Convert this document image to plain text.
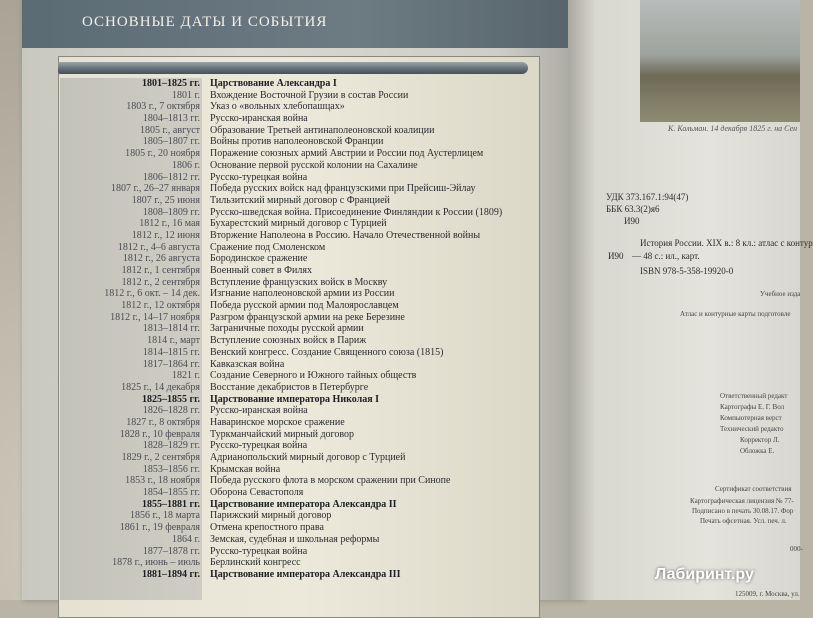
ОСНОВНЫЕ ДАТЫ И СОБЫТИЯ
1801–1825 гг. Царствование Александра I
1801 г. Вхождение Восточной Грузии в состав России
1803 г., 7 октября Указ о «вольных хлебопашцах»
1804–1813 гг. Русско-иранская война
1805 г., август Образование Третьей антинаполеоновской коалиции
1805–1807 гг. Войны против наполеоновской Франции
1805 г., 20 ноября Поражение союзных армий Австрии и России под Аустерлицем
1806 г. Основание первой русской колонии на Сахалине
1806–1812 гг. Русско-турецкая война
1807 г., 26–27 января Победа русских войск над французскими при Прейсиш-Эйлау
1807 г., 25 июня Тильзитский мирный договор с Францией
1808–1809 гг. Русско-шведская война. Присоединение Финляндии к России (1809)
1812 г., 16 мая Бухарестский мирный договор с Турцией
1812 г., 12 июня Вторжение Наполеона в Россию. Начало Отечественной войны
1812 г., 4–6 августа Сражение под Смоленском
1812 г., 26 августа Бородинское сражение
1812 г., 1 сентября Военный совет в Филях
1812 г., 2 сентября Вступление французских войск в Москву
1812 г., 6 окт. – 14 дек. Изгнание наполеоновской армии из России
1812 г., 12 октября Победа русской армии под Малоярославцем
1812 г., 14–17 ноября Разгром французской армии на реке Березине
1813–1814 гг. Заграничные походы русской армии
1814 г., март Вступление союзных войск в Париж
1814–1815 гг. Венский конгресс. Создание Священного союза (1815)
1817–1864 гг. Кавказская война
1821 г. Создание Северного и Южного тайных обществ
1825 г., 14 декабря Восстание декабристов в Петербурге
1825–1855 гг. Царствование императора Николая I
1826–1828 гг. Русско-иранская война
1827 г., 8 октября Наваринское морское сражение
1828 г., 10 февраля Туркманчайский мирный договор
1828–1829 гг. Русско-турецкая война
1829 г., 2 сентября Адрианопольский мирный договор с Турцией
1853–1856 гг. Крымская война
1853 г., 18 ноября Победа русского флота в морском сражении при Синопе
1854–1855 гг. Оборона Севастополя
1855–1881 гг. Царствование императора Александра II
1856 г., 18 марта Парижский мирный договор
1861 г., 19 февраля Отмена крепостного права
1864 г. Земская, судебная и школьная реформы
1877–1878 гг. Русско-турецкая война
1878 г., июнь – июль Берлинский конгресс
1881–1894 гг. Царствование императора Александра III
К. Кольман. 14 декабря 1825 г. на Сен
УДК 373.167.1:94(47)
ББК 63.3(2)я6
И90
История России. XIX в.: 8 кл.: атлас с контур
И90 — 48 с.: ил., карт.
ISBN 978-5-358-19920-0
Учебное изда
Атлас и контурные карты подготовле
Ответственный редакт
Картографы Е. Г. Вол
Компьютерная верст
Технический редакто
Корректор Л.
Обложка Е.
Сертификат соответствия
Картографическая лицензия № 77-
Подписано в печать 30.08.17. Фор
Печать офсетная. Усл. печ. л.
000-
125009, г. Москва, ул.
Лабиринт.ру
